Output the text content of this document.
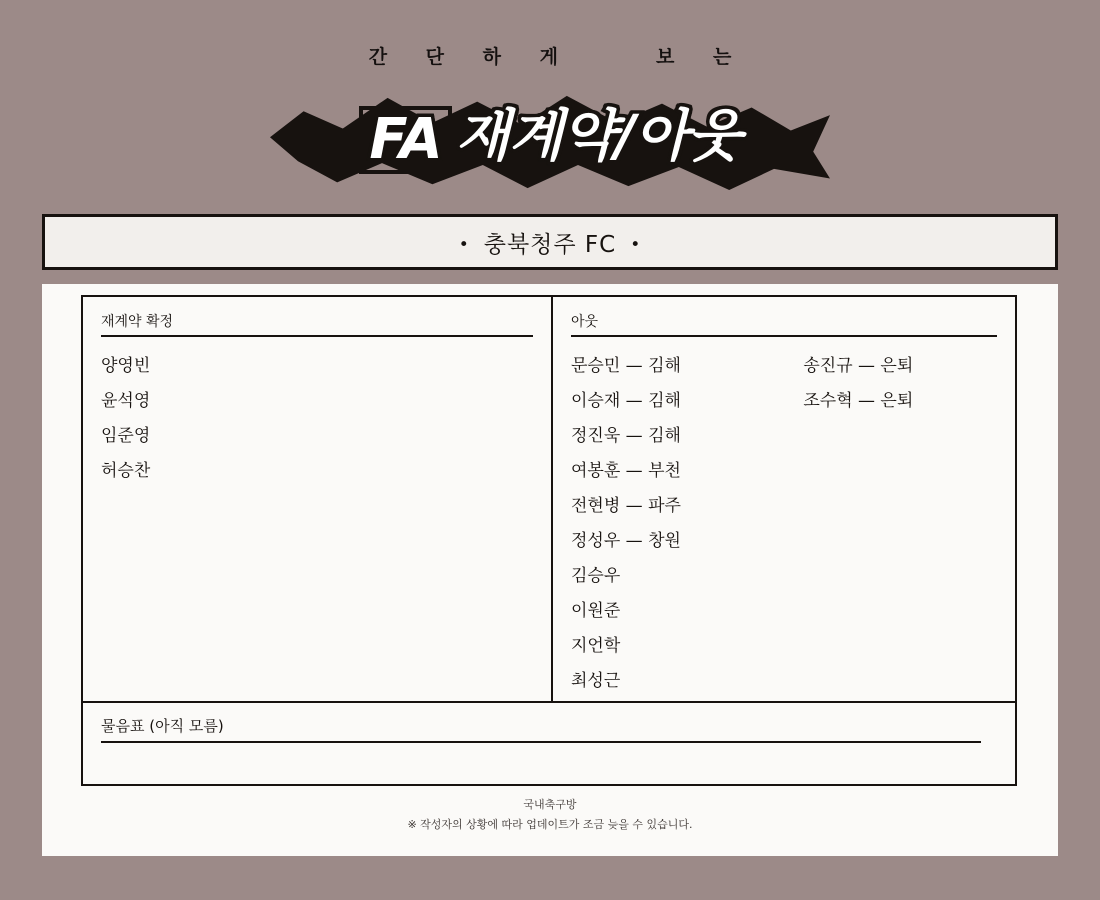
간 단 하 게	보 는
FA 재계약/아웃
• 충북청주 FC •
재계약 확정
양영빈
윤석영
임준영
허승찬
아웃
문승민 — 김해
이승재 — 김해
정진욱 — 김해
여봉훈 — 부천
전현병 — 파주
정성우 — 창원
김승우
이원준
지언학
최성근
송진규 — 은퇴
조수혁 — 은퇴
물음표 (아직 모름)
국내축구방
※ 작성자의 상황에 따라 업데이트가 조금 늦을 수 있습니다.
